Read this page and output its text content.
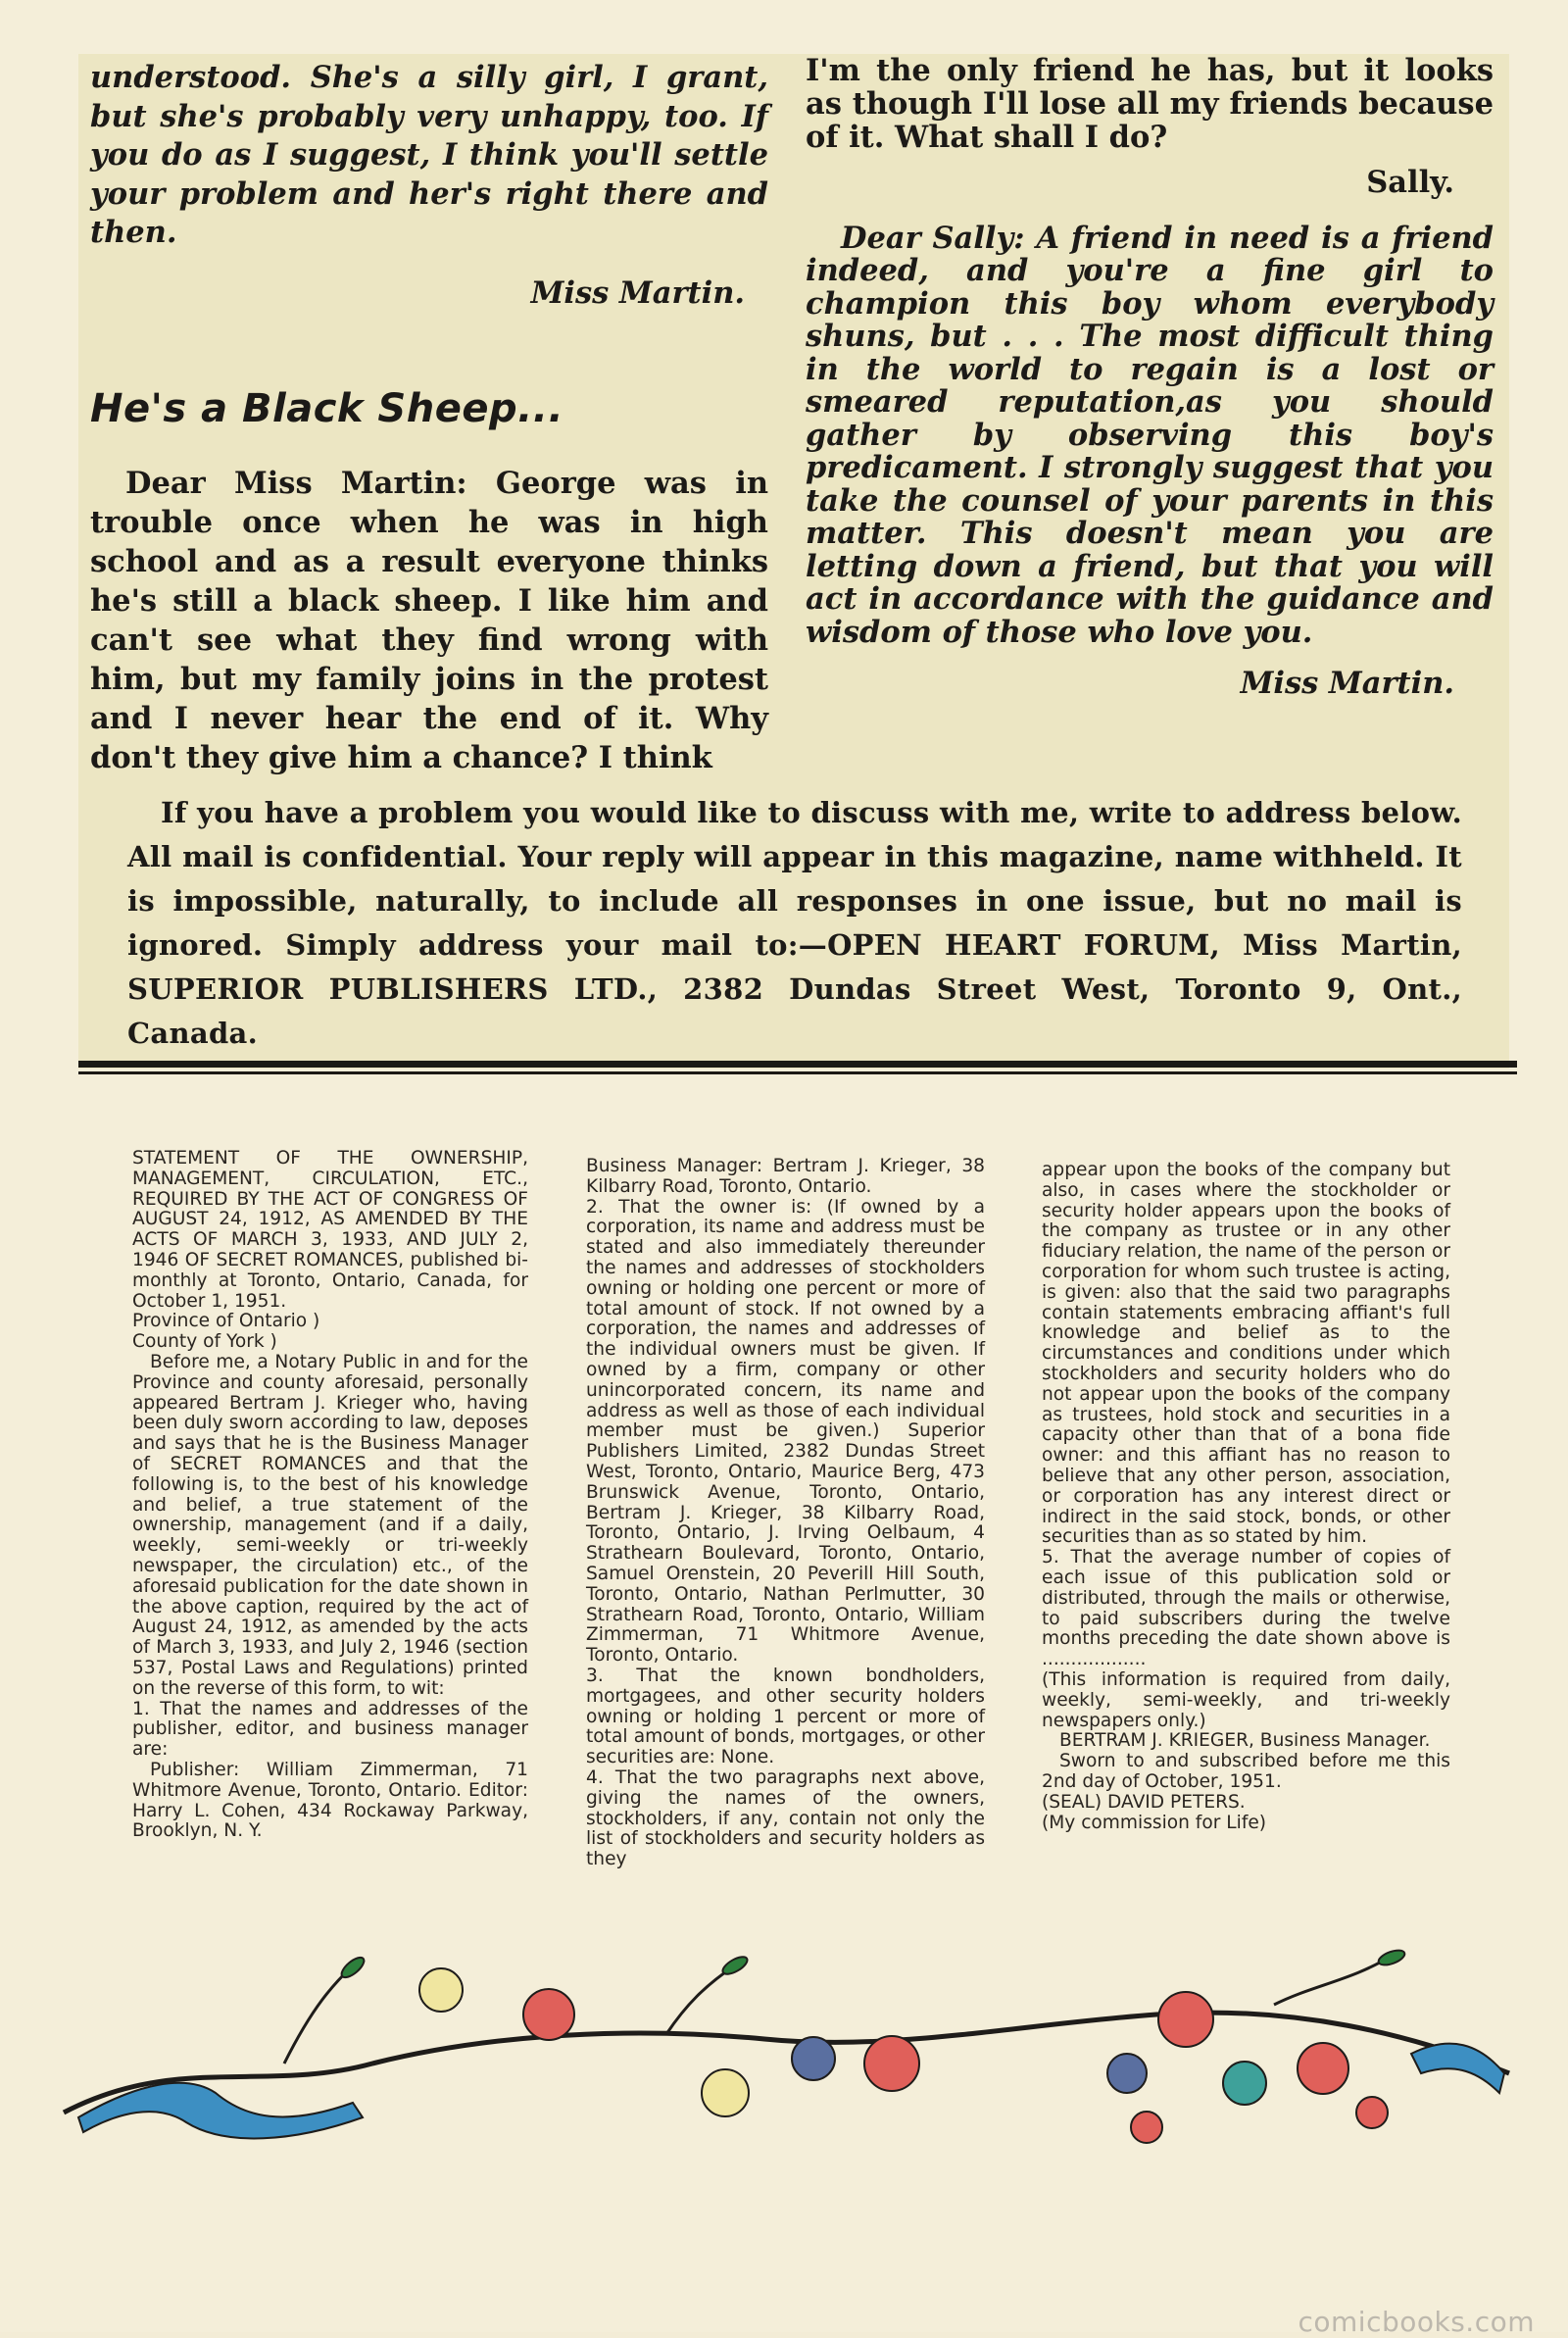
understood. She's a silly girl, I grant, but she's probably very unhappy, too. If you do as I suggest, I think you'll settle your problem and her's right there and then.

Miss Martin.

He's a Black Sheep...

Dear Miss Martin: George was in trouble once when he was in high school and as a result everyone thinks he's still a black sheep. I like him and can't see what they find wrong with him, but my family joins in the protest and I never hear the end of it. Why don't they give him a chance? I think

I'm the only friend he has, but it looks as though I'll lose all my friends because of it. What shall I do?

Sally.

Dear Sally: A friend in need is a friend indeed, and you're a fine girl to champion this boy whom everybody shuns, but . . . The most difficult thing in the world to regain is a lost or smeared reputation,as you should gather by observing this boy's predicament. I strongly suggest that you take the counsel of your parents in this matter. This doesn't mean you are letting down a friend, but that you will act in accordance with the guidance and wisdom of those who love you.

Miss Martin.

If you have a problem you would like to discuss with me, write to address below. All mail is confidential. Your reply will appear in this magazine, name withheld. It is impossible, naturally, to include all responses in one issue, but no mail is ignored. Simply address your mail to:—OPEN HEART FORUM, Miss Martin, SUPERIOR PUBLISHERS LTD., 2382 Dundas Street West, Toronto 9, Ont., Canada.

STATEMENT OF THE OWNERSHIP, MANAGEMENT, CIRCULATION, ETC., REQUIRED BY THE ACT OF CONGRESS OF AUGUST 24, 1912, AS AMENDED BY THE ACTS OF MARCH 3, 1933, AND JULY 2, 1946 OF SECRET ROMANCES, published bi-monthly at Toronto, Ontario, Canada, for October 1, 1951.

Province of Ontario )

County of York )

Before me, a Notary Public in and for the Province and county aforesaid, personally appeared Bertram J. Krieger who, having been duly sworn according to law, deposes and says that he is the Business Manager of SECRET ROMANCES and that the following is, to the best of his knowledge and belief, a true statement of the ownership, management (and if a daily, weekly, semi-weekly or tri-weekly newspaper, the circulation) etc., of the aforesaid publication for the date shown in the above caption, required by the act of August 24, 1912, as amended by the acts of March 3, 1933, and July 2, 1946 (section 537, Postal Laws and Regulations) printed on the reverse of this form, to wit:

1. That the names and addresses of the publisher, editor, and business manager are:

Publisher: William Zimmerman, 71 Whitmore Avenue, Toronto, Ontario. Editor: Harry L. Cohen, 434 Rockaway Parkway, Brooklyn, N. Y.

Business Manager: Bertram J. Krieger, 38 Kilbarry Road, Toronto, Ontario.

2. That the owner is: (If owned by a corporation, its name and address must be stated and also immediately thereunder the names and addresses of stockholders owning or holding one percent or more of total amount of stock. If not owned by a corporation, the names and addresses of the individual owners must be given. If owned by a firm, company or other unincorporated concern, its name and address as well as those of each individual member must be given.) Superior Publishers Limited, 2382 Dundas Street West, Toronto, Ontario, Maurice Berg, 473 Brunswick Avenue, Toronto, Ontario, Bertram J. Krieger, 38 Kilbarry Road, Toronto, Ontario, J. Irving Oelbaum, 4 Strathearn Boulevard, Toronto, Ontario, Samuel Orenstein, 20 Peverill Hill South, Toronto, Ontario, Nathan Perlmutter, 30 Strathearn Road, Toronto, Ontario, William Zimmerman, 71 Whitmore Avenue, Toronto, Ontario.

3. That the known bondholders, mortgagees, and other security holders owning or holding 1 percent or more of total amount of bonds, mortgages, or other securities are: None.

4. That the two paragraphs next above, giving the names of the owners, stockholders, if any, contain not only the list of stockholders and security holders as they

appear upon the books of the company but also, in cases where the stockholder or security holder appears upon the books of the company as trustee or in any other fiduciary relation, the name of the person or corporation for whom such trustee is acting, is given: also that the said two paragraphs contain statements embracing affiant's full knowledge and belief as to the circumstances and conditions under which stockholders and security holders who do not appear upon the books of the company as trustees, hold stock and securities in a capacity other than that of a bona fide owner: and this affiant has no reason to believe that any other person, association, or corporation has any interest direct or indirect in the said stock, bonds, or other securities than as so stated by him.

5. That the average number of copies of each issue of this publication sold or distributed, through the mails or otherwise, to paid subscribers during the twelve months preceding the date shown above is ..................

(This information is required from daily, weekly, semi-weekly, and tri-weekly newspapers only.)

BERTRAM J. KRIEGER, Business Manager.

Sworn to and subscribed before me this 2nd day of October, 1951.

(SEAL) DAVID PETERS.

(My commission for Life)

comicbooks.com
